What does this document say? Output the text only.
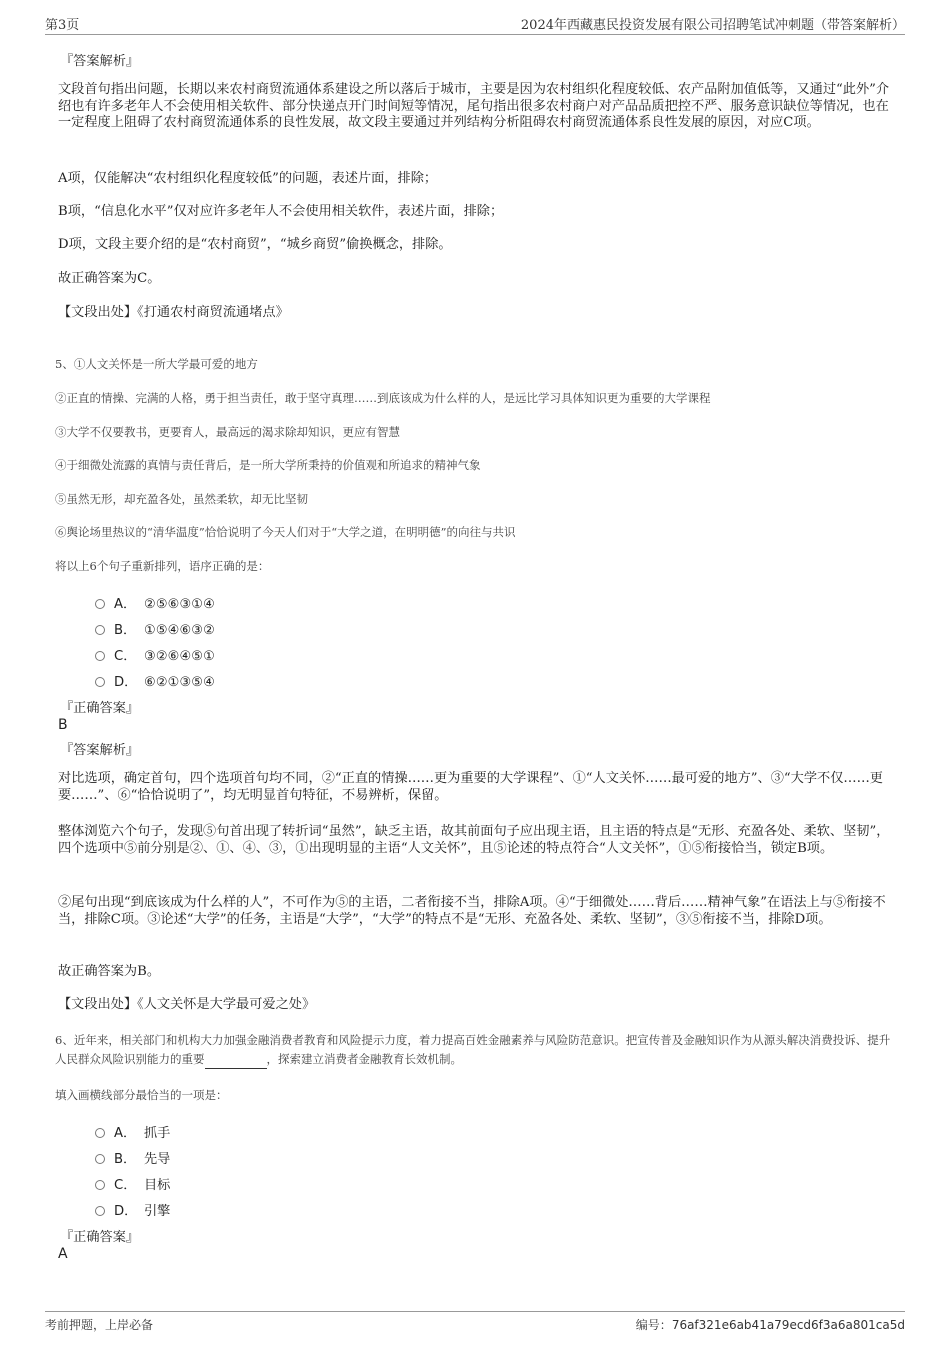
第3页	2024年西藏惠民投资发展有限公司招聘笔试冲刺题（带答案解析）

『答案解析』

文段首句指出问题，长期以来农村商贸流通体系建设之所以落后于城市，主要是因为农村组织化程度较低、农产品附加值低等，又通过“此外”介绍也有许多老年人不会使用相关软件、部分快递点开门时间短等情况，尾句指出很多农村商户对产品品质把控不严、服务意识缺位等情况，也在一定程度上阻碍了农村商贸流通体系的良性发展，故文段主要通过并列结构分析阻碍农村商贸流通体系良性发展的原因，对应C项。

A项，仅能解决“农村组织化程度较低”的问题，表述片面，排除；

B项，“信息化水平”仅对应许多老年人不会使用相关软件，表述片面，排除；

D项，文段主要介绍的是“农村商贸”，“城乡商贸”偷换概念，排除。

故正确答案为C。

【文段出处】《打通农村商贸流通堵点》

5、①人文关怀是一所大学最可爱的地方

②正直的情操、完满的人格，勇于担当责任，敢于坚守真理……到底该成为什么样的人，是远比学习具体知识更为重要的大学课程

③大学不仅要教书，更要育人，最高远的渴求除却知识，更应有智慧

④于细微处流露的真情与责任背后，是一所大学所秉持的价值观和所追求的精神气象

⑤虽然无形，却充盈各处，虽然柔软，却无比坚韧

⑥舆论场里热议的“清华温度”恰恰说明了今天人们对于“大学之道，在明明德”的向往与共识

将以上6个句子重新排列，语序正确的是：

A． ②⑤⑥③①④
B． ①⑤④⑥③②
C． ③②⑥④⑤①
D． ⑥②①③⑤④

『正确答案』

B

『答案解析』

对比选项，确定首句，四个选项首句均不同，②“正直的情操……更为重要的大学课程”、①“人文关怀……最可爱的地方”、③“大学不仅……更要……”、⑥“恰恰说明了”，均无明显首句特征，不易辨析，保留。

整体浏览六个句子，发现⑤句首出现了转折词“虽然”，缺乏主语，故其前面句子应出现主语，且主语的特点是“无形、充盈各处、柔软、坚韧”，四个选项中⑤前分别是②、①、④、③，①出现明显的主语“人文关怀”，且⑤论述的特点符合“人文关怀”，①⑤衔接恰当，锁定B项。

②尾句出现“到底该成为什么样的人”，不可作为⑤的主语，二者衔接不当，排除A项。④“于细微处……背后……精神气象”在语法上与⑤衔接不当，排除C项。③论述“大学”的任务，主语是“大学”，“大学”的特点不是“无形、充盈各处、柔软、坚韧”，③⑤衔接不当，排除D项。

故正确答案为B。

【文段出处】《人文关怀是大学最可爱之处》

6、近年来，相关部门和机构大力加强金融消费者教育和风险提示力度，着力提高百姓金融素养与风险防范意识。把宣传普及金融知识作为从源头解决消费投诉、提升人民群众风险识别能力的重要	，探索建立消费者金融教育长效机制。

填入画横线部分最恰当的一项是：

A． 抓手
B． 先导
C． 目标
D． 引擎

『正确答案』

A

考前押题，上岸必备	编号：76af321e6ab41a79ecd6f3a6a801ca5d
